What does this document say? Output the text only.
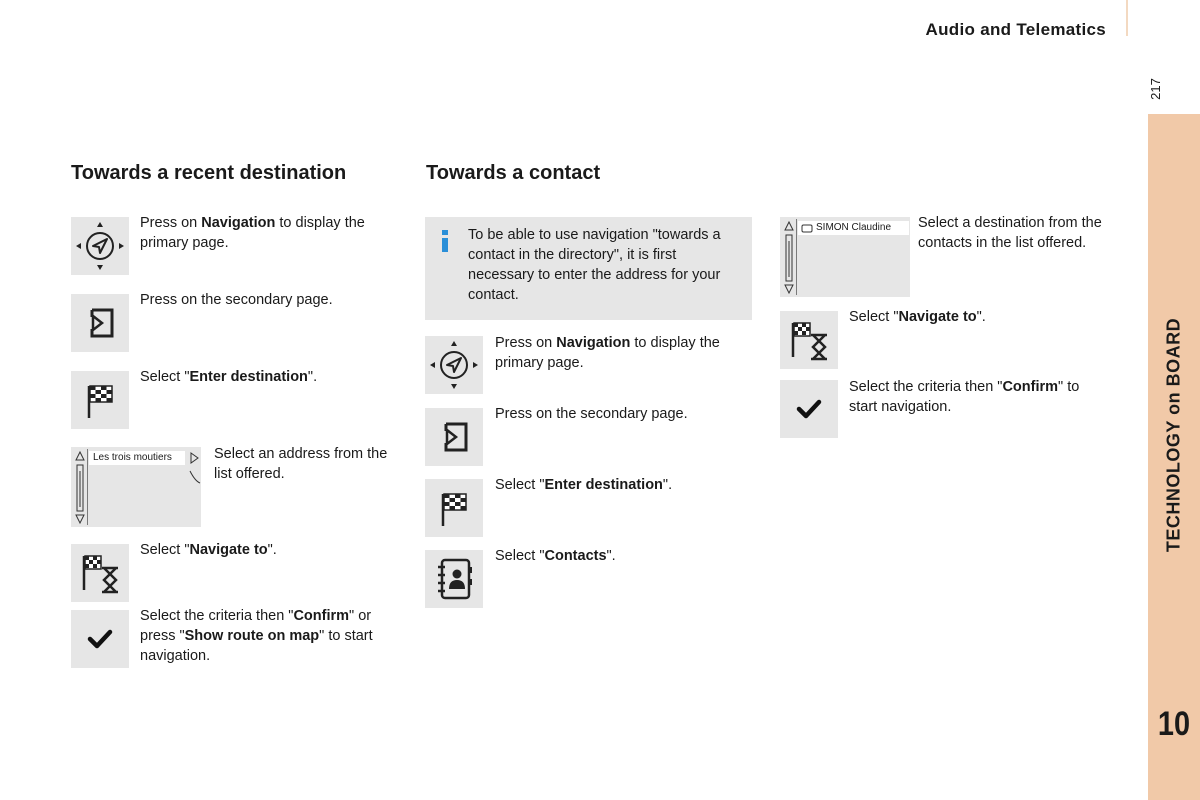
Audio and Telematics
217
TECHNOLOGY on BOARD
10
Towards a recent destination
Press on Navigation to display the primary page.
Press on the secondary page.
Select "Enter destination".
Les trois moutiers	Select an address from the list offered.
Select "Navigate to".
Select the criteria then "Confirm" or press "Show route on map" to start navigation.
Towards a contact
To be able to use navigation "towards a contact in the directory", it is first necessary to enter the address for your contact.
Press on Navigation to display the primary page.
Press on the secondary page.
Select "Enter destination".
Select "Contacts".
SIMON Claudine Select a destination from the contacts in the list offered.
Select "Navigate to".
Select the criteria then "Confirm" to start navigation.
